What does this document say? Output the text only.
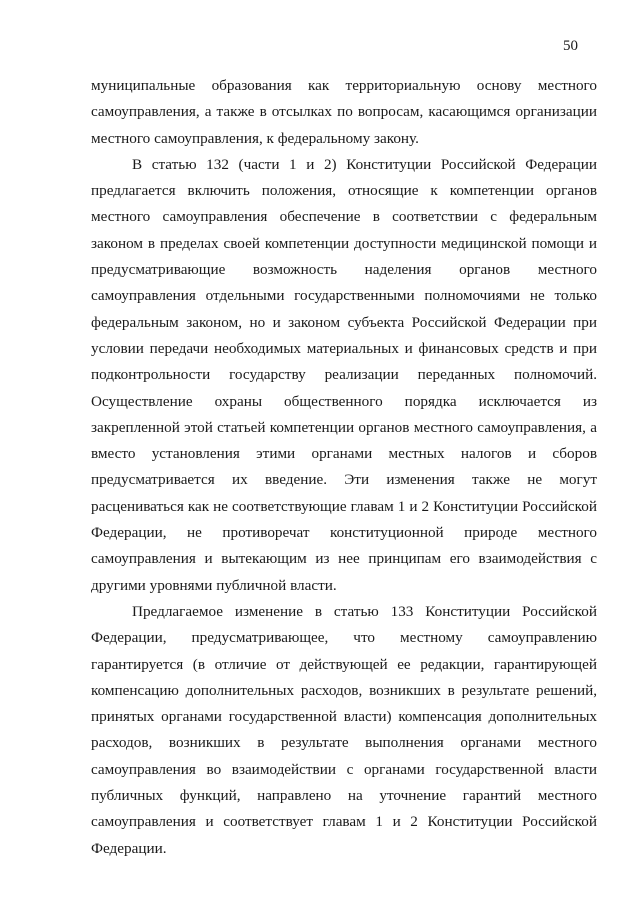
50

муниципальные образования как территориальную основу местного самоуправления, а также в отсылках по вопросам, касающимся организации местного самоуправления, к федеральному закону.

В статью 132 (части 1 и 2) Конституции Российской Федерации предлагается включить положения, относящие к компетенции органов местного самоуправления обеспечение в соответствии с федеральным законом в пределах своей компетенции доступности медицинской помощи и предусматривающие возможность наделения органов местного самоуправления отдельными государственными полномочиями не только федеральным законом, но и законом субъекта Российской Федерации при условии передачи необходимых материальных и финансовых средств и при подконтрольности государству реализации переданных полномочий. Осуществление охраны общественного порядка исключается из закрепленной этой статьей компетенции органов местного самоуправления, а вместо установления этими органами местных налогов и сборов предусматривается их введение. Эти изменения также не могут расцениваться как не соответствующие главам 1 и 2 Конституции Российской Федерации, не противоречат конституционной природе местного самоуправления и вытекающим из нее принципам его взаимодействия с другими уровнями публичной власти.

Предлагаемое изменение в статью 133 Конституции Российской Федерации, предусматривающее, что местному самоуправлению гарантируется (в отличие от действующей ее редакции, гарантирующей компенсацию дополнительных расходов, возникших в результате решений, принятых органами государственной власти) компенсация дополнительных расходов, возникших в результате выполнения органами местного самоуправления во взаимодействии с органами государственной власти публичных функций, направлено на уточнение гарантий местного самоуправления и соответствует главам 1 и 2 Конституции Российской Федерации.
